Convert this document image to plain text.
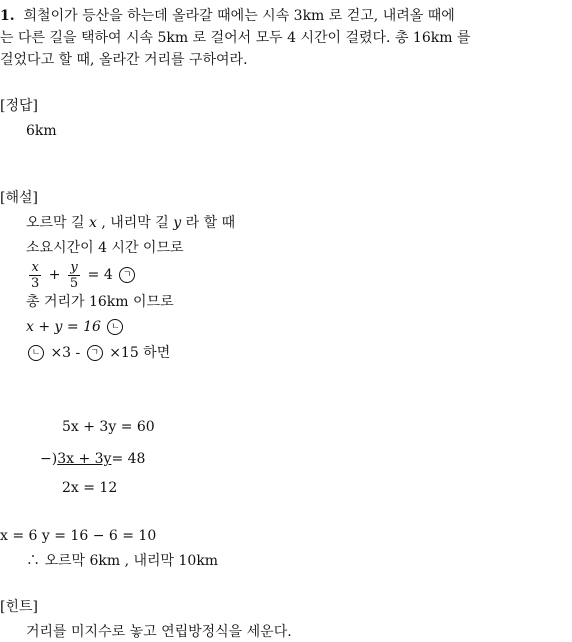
1. 희철이가 등산을 하는데 올라갈 때에는 시속 3km 로 걷고, 내려올 때에
는 다른 길을 택하여 시속 5km 로 걸어서 모두 4 시간이 걸렸다. 총 16km 를
걸었다고 할 때, 올라간 거리를 구하여라.
[정답]
6km
[해설]
오르막 길 x , 내리막 길 y 라 할 때
소요시간이 4 시간 이므로
$\frac{x}{3} + \frac{y}{5} = 4$ ㄱ
총 거리가 16km 이므로
x + y = 16 ㄴ
ㄴ ×3 - ㄱ ×15 하면
5x + 3y = 60
−)3x + 3y= 48
2x = 12
x = 6 y = 16 − 6 = 10
∴ 오르막 6km , 내리막 10km
[힌트]
거리를 미지수로 놓고 연립방정식을 세운다.
